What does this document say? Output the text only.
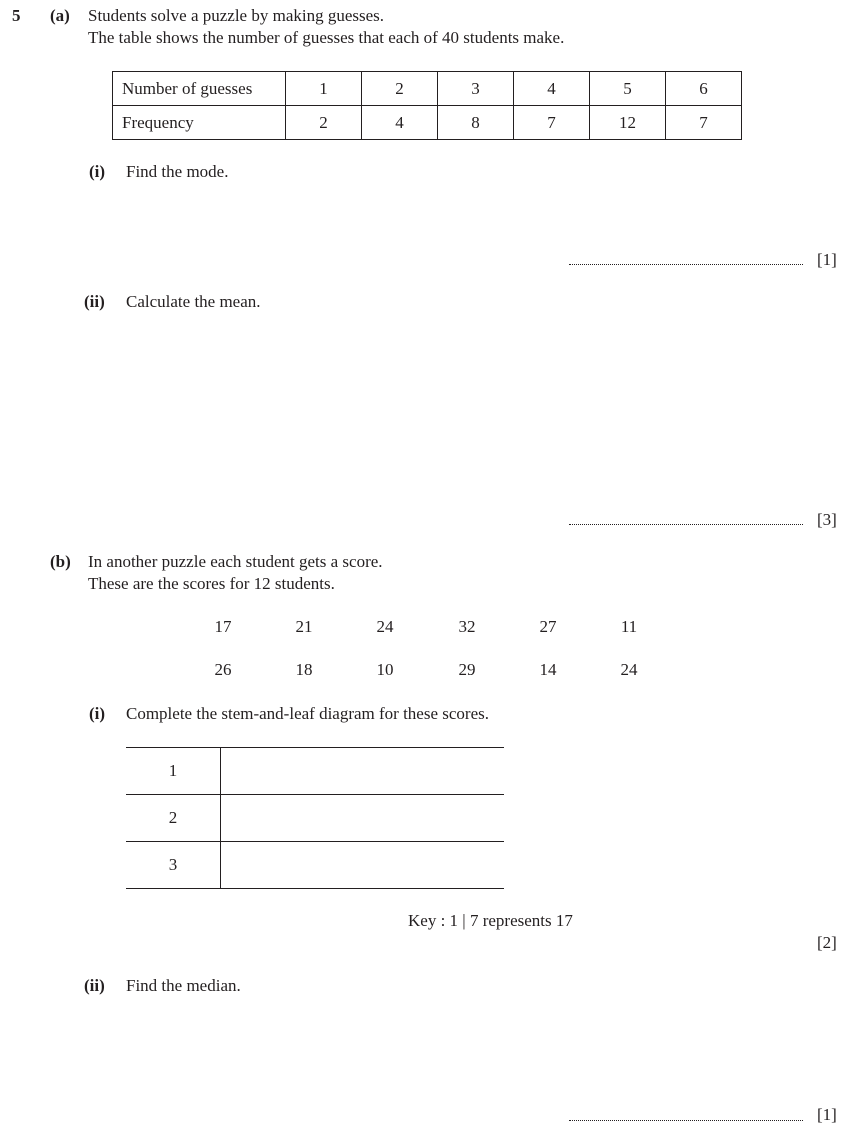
5 (a) Students solve a puzzle by making guesses.
The table shows the number of guesses that each of 40 students make.
Number of guesses	1	2	3	4	5	6
Frequency	2	4	8	7	12	7
(i) Find the mode.
[1]
(ii) Calculate the mean.
[3]
(b) In another puzzle each student gets a score.
These are the scores for 12 students.
17	21	24	32	27	11
26	18	10	29	14	24
(i) Complete the stem-and-leaf diagram for these scores.
1
2
3
Key : 1 | 7 represents 17
[2]
(ii) Find the median.
[1]
